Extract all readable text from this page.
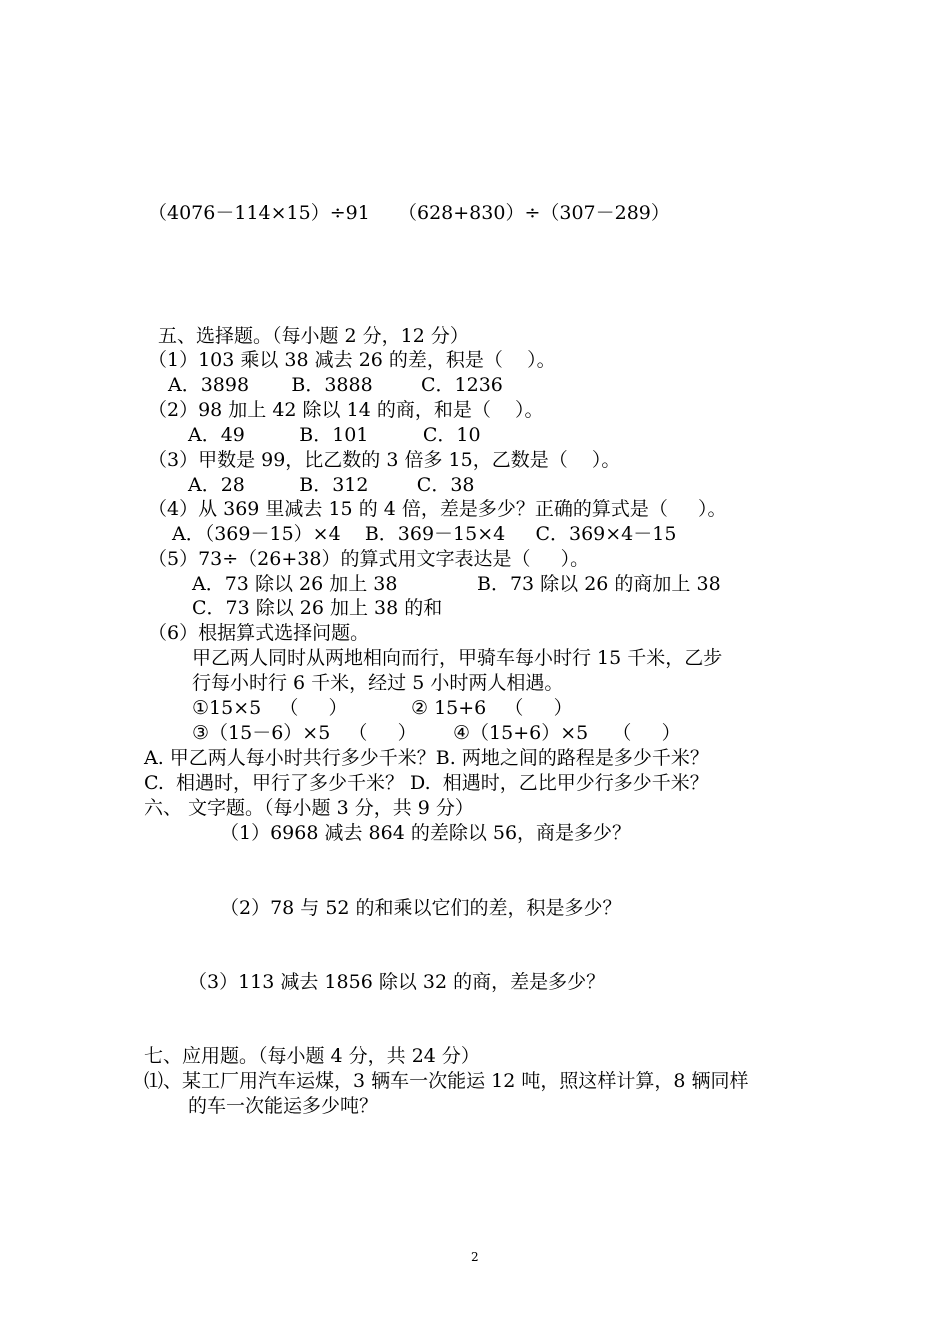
（4076－114×15）÷91 （628+830）÷（307－289）
五、选择题。（每小题 2 分，12 分）
（1）103 乘以 38 减去 26 的差，积是（    ）。
A．3898       B．3888        C．1236
（2）98 加上 42 除以 14 的商，和是（    ）。
A．49         B．101         C．10
（3）甲数是 99，比乙数的 3 倍多 15，乙数是（    ）。
A．28         B．312        C．38
（4）从 369 里减去 15 的 4 倍，差是多少？正确的算式是（     ）。
A．（369－15）×4    B．369－15×4     C．369×4－15
（5）73÷（26+38）的算式用文字表达是（     ）。
A．73 除以 26 加上 38	B．73 除以 26 的商加上 38
C．73 除以 26 加上 38 的和
（6）根据算式选择问题。
甲乙两人同时从两地相向而行，甲骑车每小时行 15 千米，乙步
行每小时行 6 千米，经过 5 小时两人相遇。
①15×5   （     ）	② 15+6   （     ）
③（15－6）×5   （     ） ④（15+6）×5    （     ）
A. 甲乙两人每小时共行多少千米？B. 两地之间的路程是多少千米？
C.  相遇时，甲行了多少千米？ D.  相遇时，乙比甲少行多少千米？
六、 文字题。（每小题 3 分，共 9 分）
（1）6968 减去 864 的差除以 56，商是多少？
（2）78 与 52 的和乘以它们的差，积是多少？
（3）113 减去 1856 除以 32 的商，差是多少？
七、应用题。（每小题 4 分，共 24 分）
⑴、某工厂用汽车运煤，3 辆车一次能运 12 吨，照这样计算，8 辆同样
的车一次能运多少吨？
2
